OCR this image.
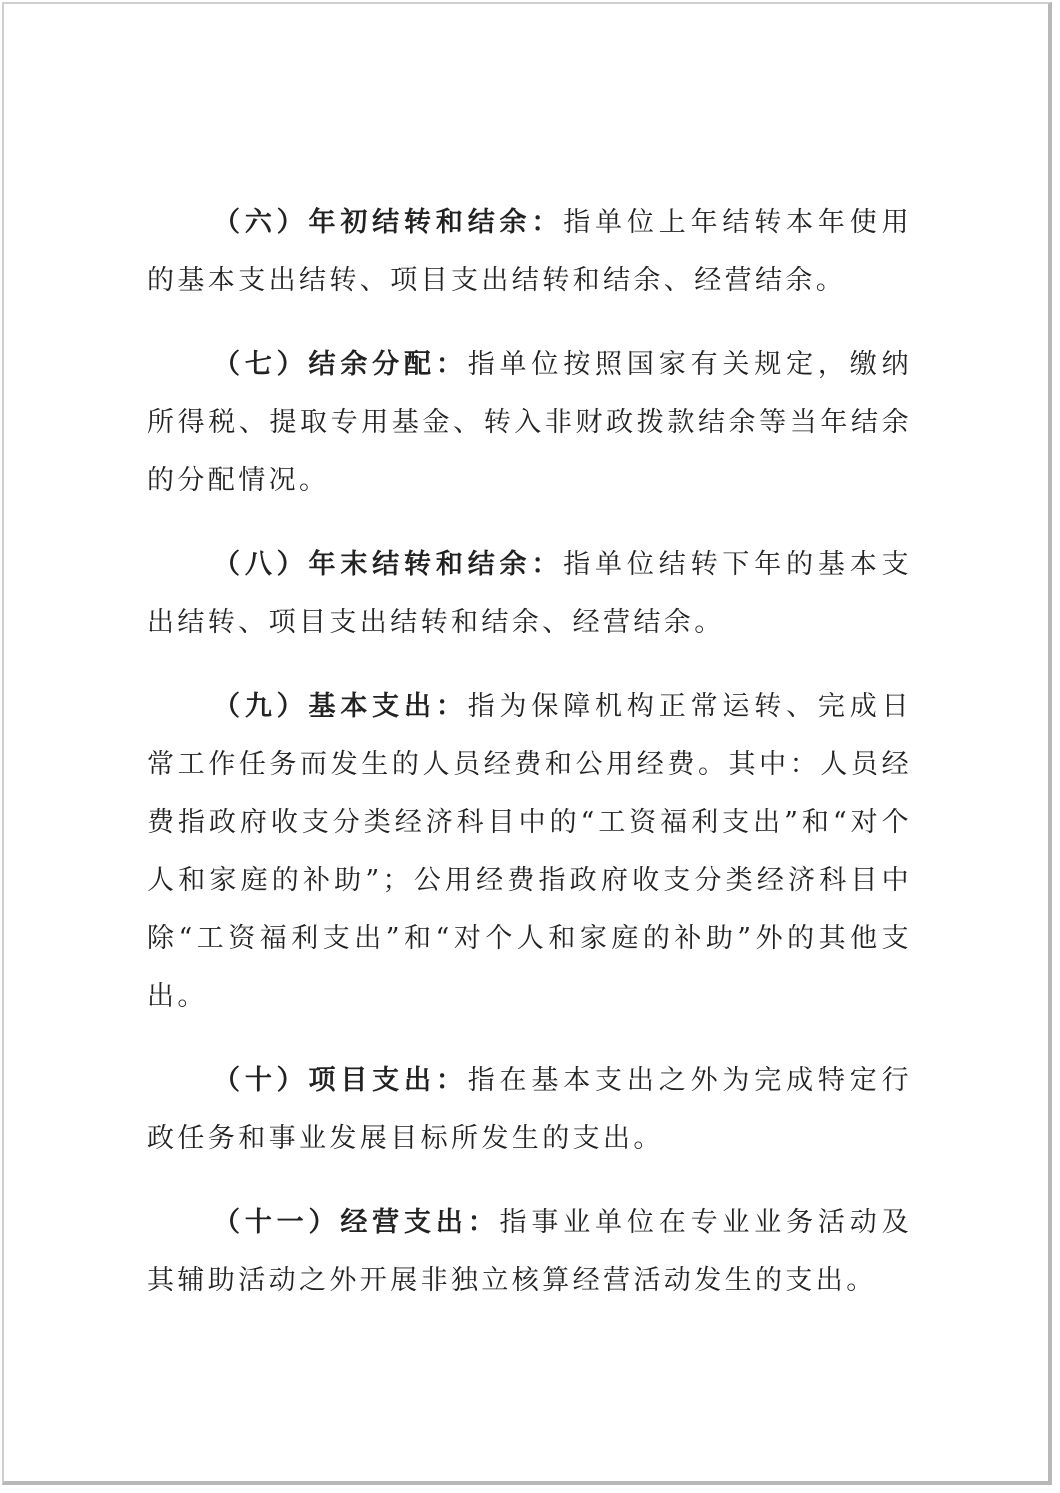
（六）年初结转和结余：指单位上年结转本年使用的基本支出结转、项目支出结转和结余、经营结余。

（七）结余分配：指单位按照国家有关规定，缴纳所得税、提取专用基金、转入非财政拨款结余等当年结余的分配情况。

（八）年末结转和结余：指单位结转下年的基本支出结转、项目支出结转和结余、经营结余。

（九）基本支出：指为保障机构正常运转、完成日常工作任务而发生的人员经费和公用经费。其中：人员经费指政府收支分类经济科目中的“工资福利支出”和“对个人和家庭的补助”；公用经费指政府收支分类经济科目中除“工资福利支出”和“对个人和家庭的补助”外的其他支出。

（十）项目支出：指在基本支出之外为完成特定行政任务和事业发展目标所发生的支出。

（十一）经营支出：指事业单位在专业业务活动及其辅助活动之外开展非独立核算经营活动发生的支出。
